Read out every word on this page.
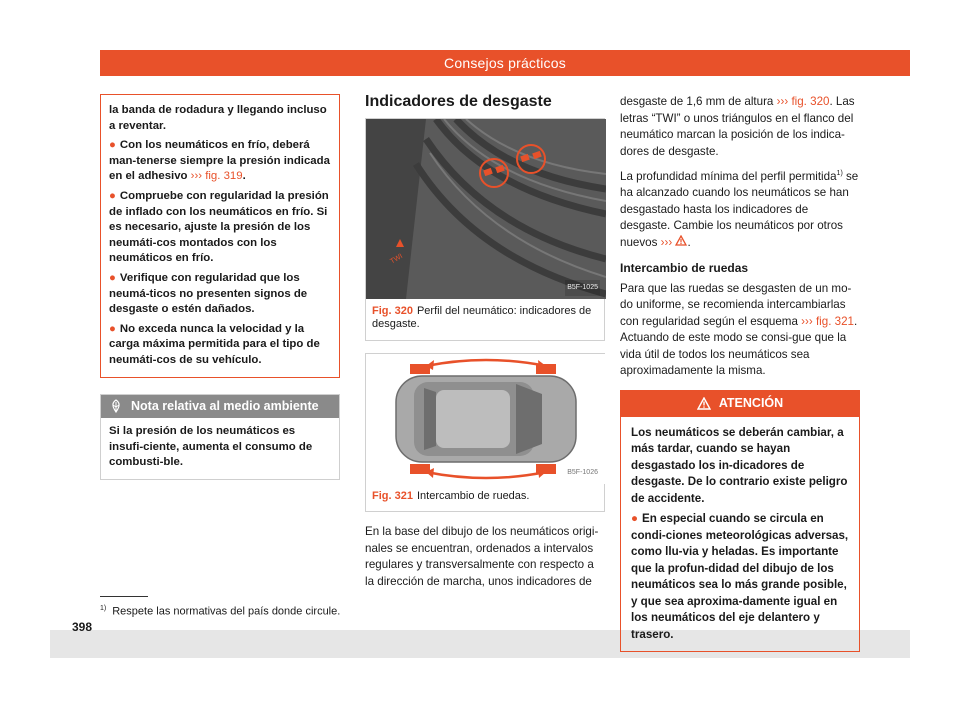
Consejos prácticos

la banda de rodadura y llegando incluso a reventar.

● Con los neumáticos en frío, deberá man-tenerse siempre la presión indicada en el adhesivo ››› fig. 319.

● Compruebe con regularidad la presión de inflado con los neumáticos en frío. Si es necesario, ajuste la presión de los neumáti-cos montados con los neumáticos en frío.

● Verifique con regularidad que los neumá-ticos no presenten signos de desgaste o estén dañados.

● No exceda nunca la velocidad y la carga máxima permitida para el tipo de neumáti-cos de su vehículo.

Nota relativa al medio ambiente
Si la presión de los neumáticos es insufi-ciente, aumenta el consumo de combusti-ble.
Indicadores de desgaste
TWI
B5F-1025
Fig. 320 Perfil del neumático: indicadores de desgaste.
B5F-1026
Fig. 321 Intercambio de ruedas.

En la base del dibujo de los neumáticos origi-nales se encuentran, ordenados a intervalos regulares y transversalmente con respecto a la dirección de marcha, unos indicadores de

desgaste de 1,6 mm de altura ››› fig. 320. Las letras “TWI” o unos triángulos en el flanco del neumático marcan la posición de los indica-dores de desgaste.

La profundidad mínima del perfil permitida$^{1)}$ se ha alcanzado cuando los neumáticos se han desgastado hasta los indicadores de desgaste. Cambie los neumáticos por otros nuevos ››› .

Intercambio de ruedas

Para que las ruedas se desgasten de un mo-do uniforme, se recomienda intercambiarlas con regularidad según el esquema ››› fig. 321. Actuando de este modo se consi-gue que la vida útil de todos los neumáticos sea aproximadamente la misma.

ATENCIÓN

Los neumáticos se deberán cambiar, a más tardar, cuando se hayan desgastado los in-dicadores de desgaste. De lo contrario existe peligro de accidente.

● En especial cuando se circula en condi-ciones meteorológicas adversas, como llu-via y heladas. Es importante que la profun-didad del dibujo de los neumáticos sea lo más grande posible, y que sea aproxima-damente igual en los neumáticos del eje delantero y trasero.

$^{1)}$ Respete las normativas del país donde circule.
398
